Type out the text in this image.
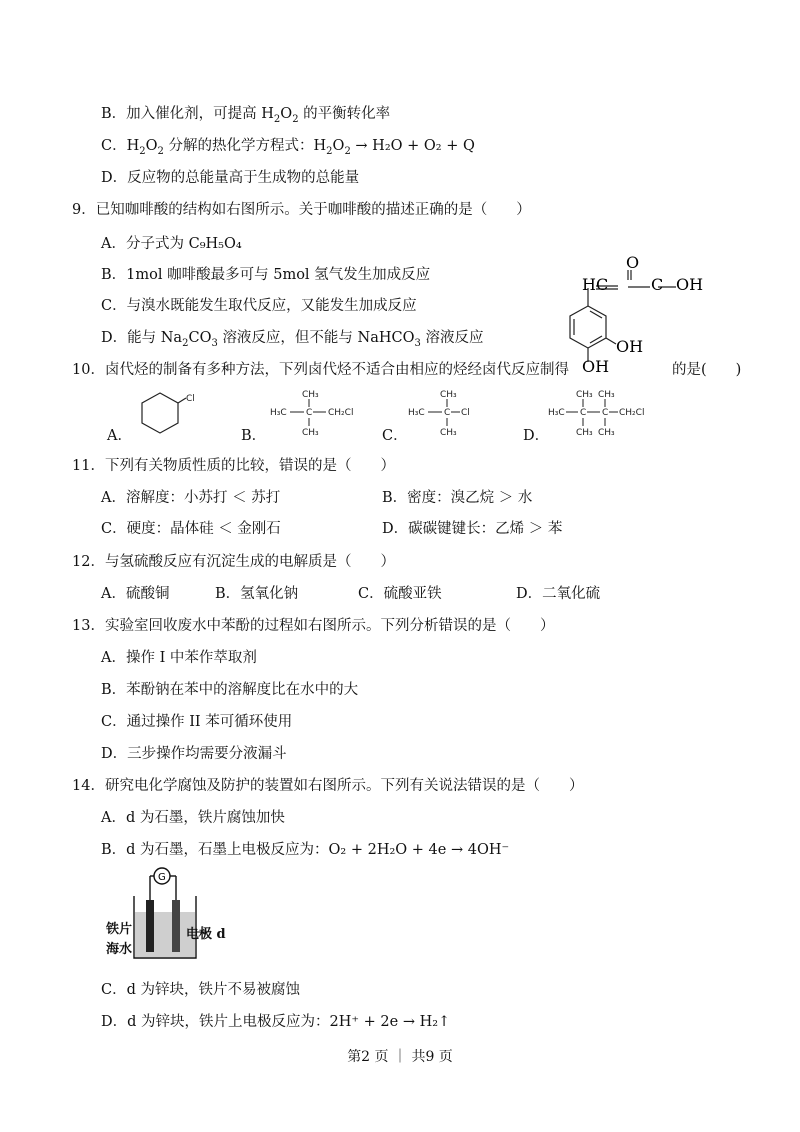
B．加入催化剂，可提高 $H_2O_2$ 的平衡转化率
C．$H_2O_2$ 分解的热化学方程式：$H_2O_2 \to H_2O + O_2 + Q$
D．反应物的总能量高于生成物的总能量
9．已知咖啡酸的结构如右图所示。关于咖啡酸的描述正确的是（　　）
A．分子式为 C₉H₅O₄
B．1mol 咖啡酸最多可与 5mol 氢气发生加成反应
C．与溴水既能发生取代反应，又能发生加成反应
D．能与 $Na_2CO_3$ 溶液反应，但不能与 NaHCO$_3$ 溶液反应
HC	C
O
OH
OH
OH
10．卤代烃的制备有多种方法，下列卤代烃不适合由相应的烃经卤代反应制得	的是(　　)
A．
Cl
B．
CH₃
H₃C C CH₂Cl
CH₃	C．
CH₃
H₃C C Cl
CH₃	D．
CH₃ CH₃
H₃C C C CH₂Cl
CH₃ CH₃
11．下列有关物质性质的比较，错误的是（　　）
A．溶解度：小苏打 ＜ 苏打	B．密度：溴乙烷 ＞ 水
C．硬度：晶体硅 ＜ 金刚石	D．碳碳键键长：乙烯 ＞ 苯
12．与氢硫酸反应有沉淀生成的电解质是（　　）
A．硫酸铜	B．氢氧化钠	C．硫酸亚铁	D．二氧化硫
13．实验室回收废水中苯酚的过程如右图所示。下列分析错误的是（　　）
A．操作 I 中苯作萃取剂
B．苯酚钠在苯中的溶解度比在水中的大
C．通过操作 II 苯可循环使用
D．三步操作均需要分液漏斗
14．研究电化学腐蚀及防护的装置如右图所示。下列有关说法错误的是（　　）
A．d 为石墨，铁片腐蚀加快
B．d 为石墨，石墨上电极反应为：O₂ + 2H₂O + 4e → 4OH⁻
G
铁片
海水
电极 d
C．d 为锌块，铁片不易被腐蚀
D．d 为锌块，铁片上电极反应为：2H⁺ + 2e → H₂↑
第2 页 ｜ 共9 页
